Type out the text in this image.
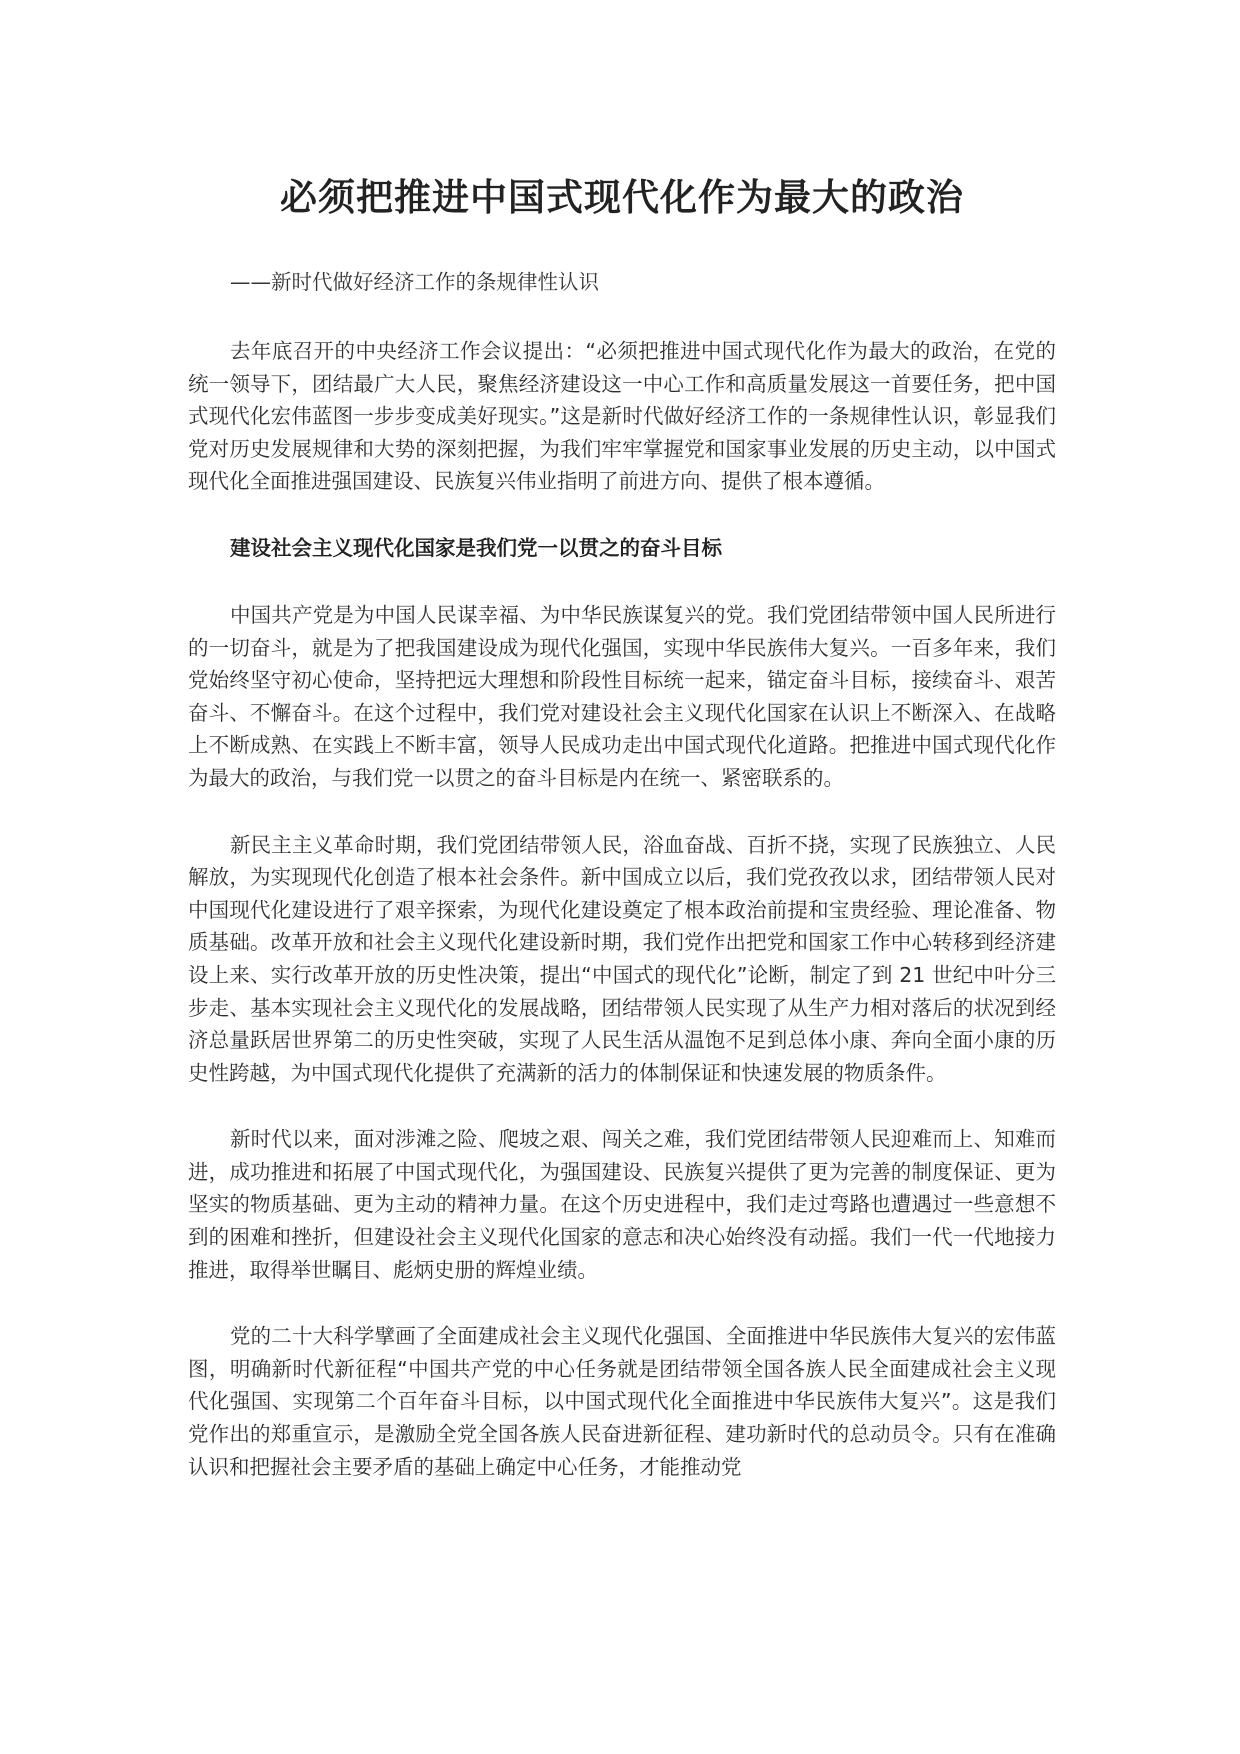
必须把推进中国式现代化作为最大的政治
——新时代做好经济工作的条规律性认识

去年底召开的中央经济工作会议提出：“必须把推进中国式现代化作为最大的政治，在党的统一领导下，团结最广大人民，聚焦经济建设这一中心工作和高质量发展这一首要任务，把中国式现代化宏伟蓝图一步步变成美好现实。”这是新时代做好经济工作的一条规律性认识，彰显我们党对历史发展规律和大势的深刻把握，为我们牢牢掌握党和国家事业发展的历史主动，以中国式现代化全面推进强国建设、民族复兴伟业指明了前进方向、提供了根本遵循。

建设社会主义现代化国家是我们党一以贯之的奋斗目标

中国共产党是为中国人民谋幸福、为中华民族谋复兴的党。我们党团结带领中国人民所进行的一切奋斗，就是为了把我国建设成为现代化强国，实现中华民族伟大复兴。一百多年来，我们党始终坚守初心使命，坚持把远大理想和阶段性目标统一起来，锚定奋斗目标，接续奋斗、艰苦奋斗、不懈奋斗。在这个过程中，我们党对建设社会主义现代化国家在认识上不断深入、在战略上不断成熟、在实践上不断丰富，领导人民成功走出中国式现代化道路。把推进中国式现代化作为最大的政治，与我们党一以贯之的奋斗目标是内在统一、紧密联系的。

新民主主义革命时期，我们党团结带领人民，浴血奋战、百折不挠，实现了民族独立、人民解放，为实现现代化创造了根本社会条件。新中国成立以后，我们党孜孜以求，团结带领人民对中国现代化建设进行了艰辛探索，为现代化建设奠定了根本政治前提和宝贵经验、理论准备、物质基础。改革开放和社会主义现代化建设新时期，我们党作出把党和国家工作中心转移到经济建设上来、实行改革开放的历史性决策，提出“中国式的现代化”论断，制定了到 21 世纪中叶分三步走、基本实现社会主义现代化的发展战略，团结带领人民实现了从生产力相对落后的状况到经济总量跃居世界第二的历史性突破，实现了人民生活从温饱不足到总体小康、奔向全面小康的历史性跨越，为中国式现代化提供了充满新的活力的体制保证和快速发展的物质条件。

新时代以来，面对涉滩之险、爬坡之艰、闯关之难，我们党团结带领人民迎难而上、知难而进，成功推进和拓展了中国式现代化，为强国建设、民族复兴提供了更为完善的制度保证、更为坚实的物质基础、更为主动的精神力量。在这个历史进程中，我们走过弯路也遭遇过一些意想不到的困难和挫折，但建设社会主义现代化国家的意志和决心始终没有动摇。我们一代一代地接力推进，取得举世瞩目、彪炳史册的辉煌业绩。

党的二十大科学擘画了全面建成社会主义现代化强国、全面推进中华民族伟大复兴的宏伟蓝图，明确新时代新征程“中国共产党的中心任务就是团结带领全国各族人民全面建成社会主义现代化强国、实现第二个百年奋斗目标，以中国式现代化全面推进中华民族伟大复兴”。这是我们党作出的郑重宣示，是激励全党全国各族人民奋进新征程、建功新时代的总动员令。只有在准确认识和把握社会主要矛盾的基础上确定中心任务，才能推动党
